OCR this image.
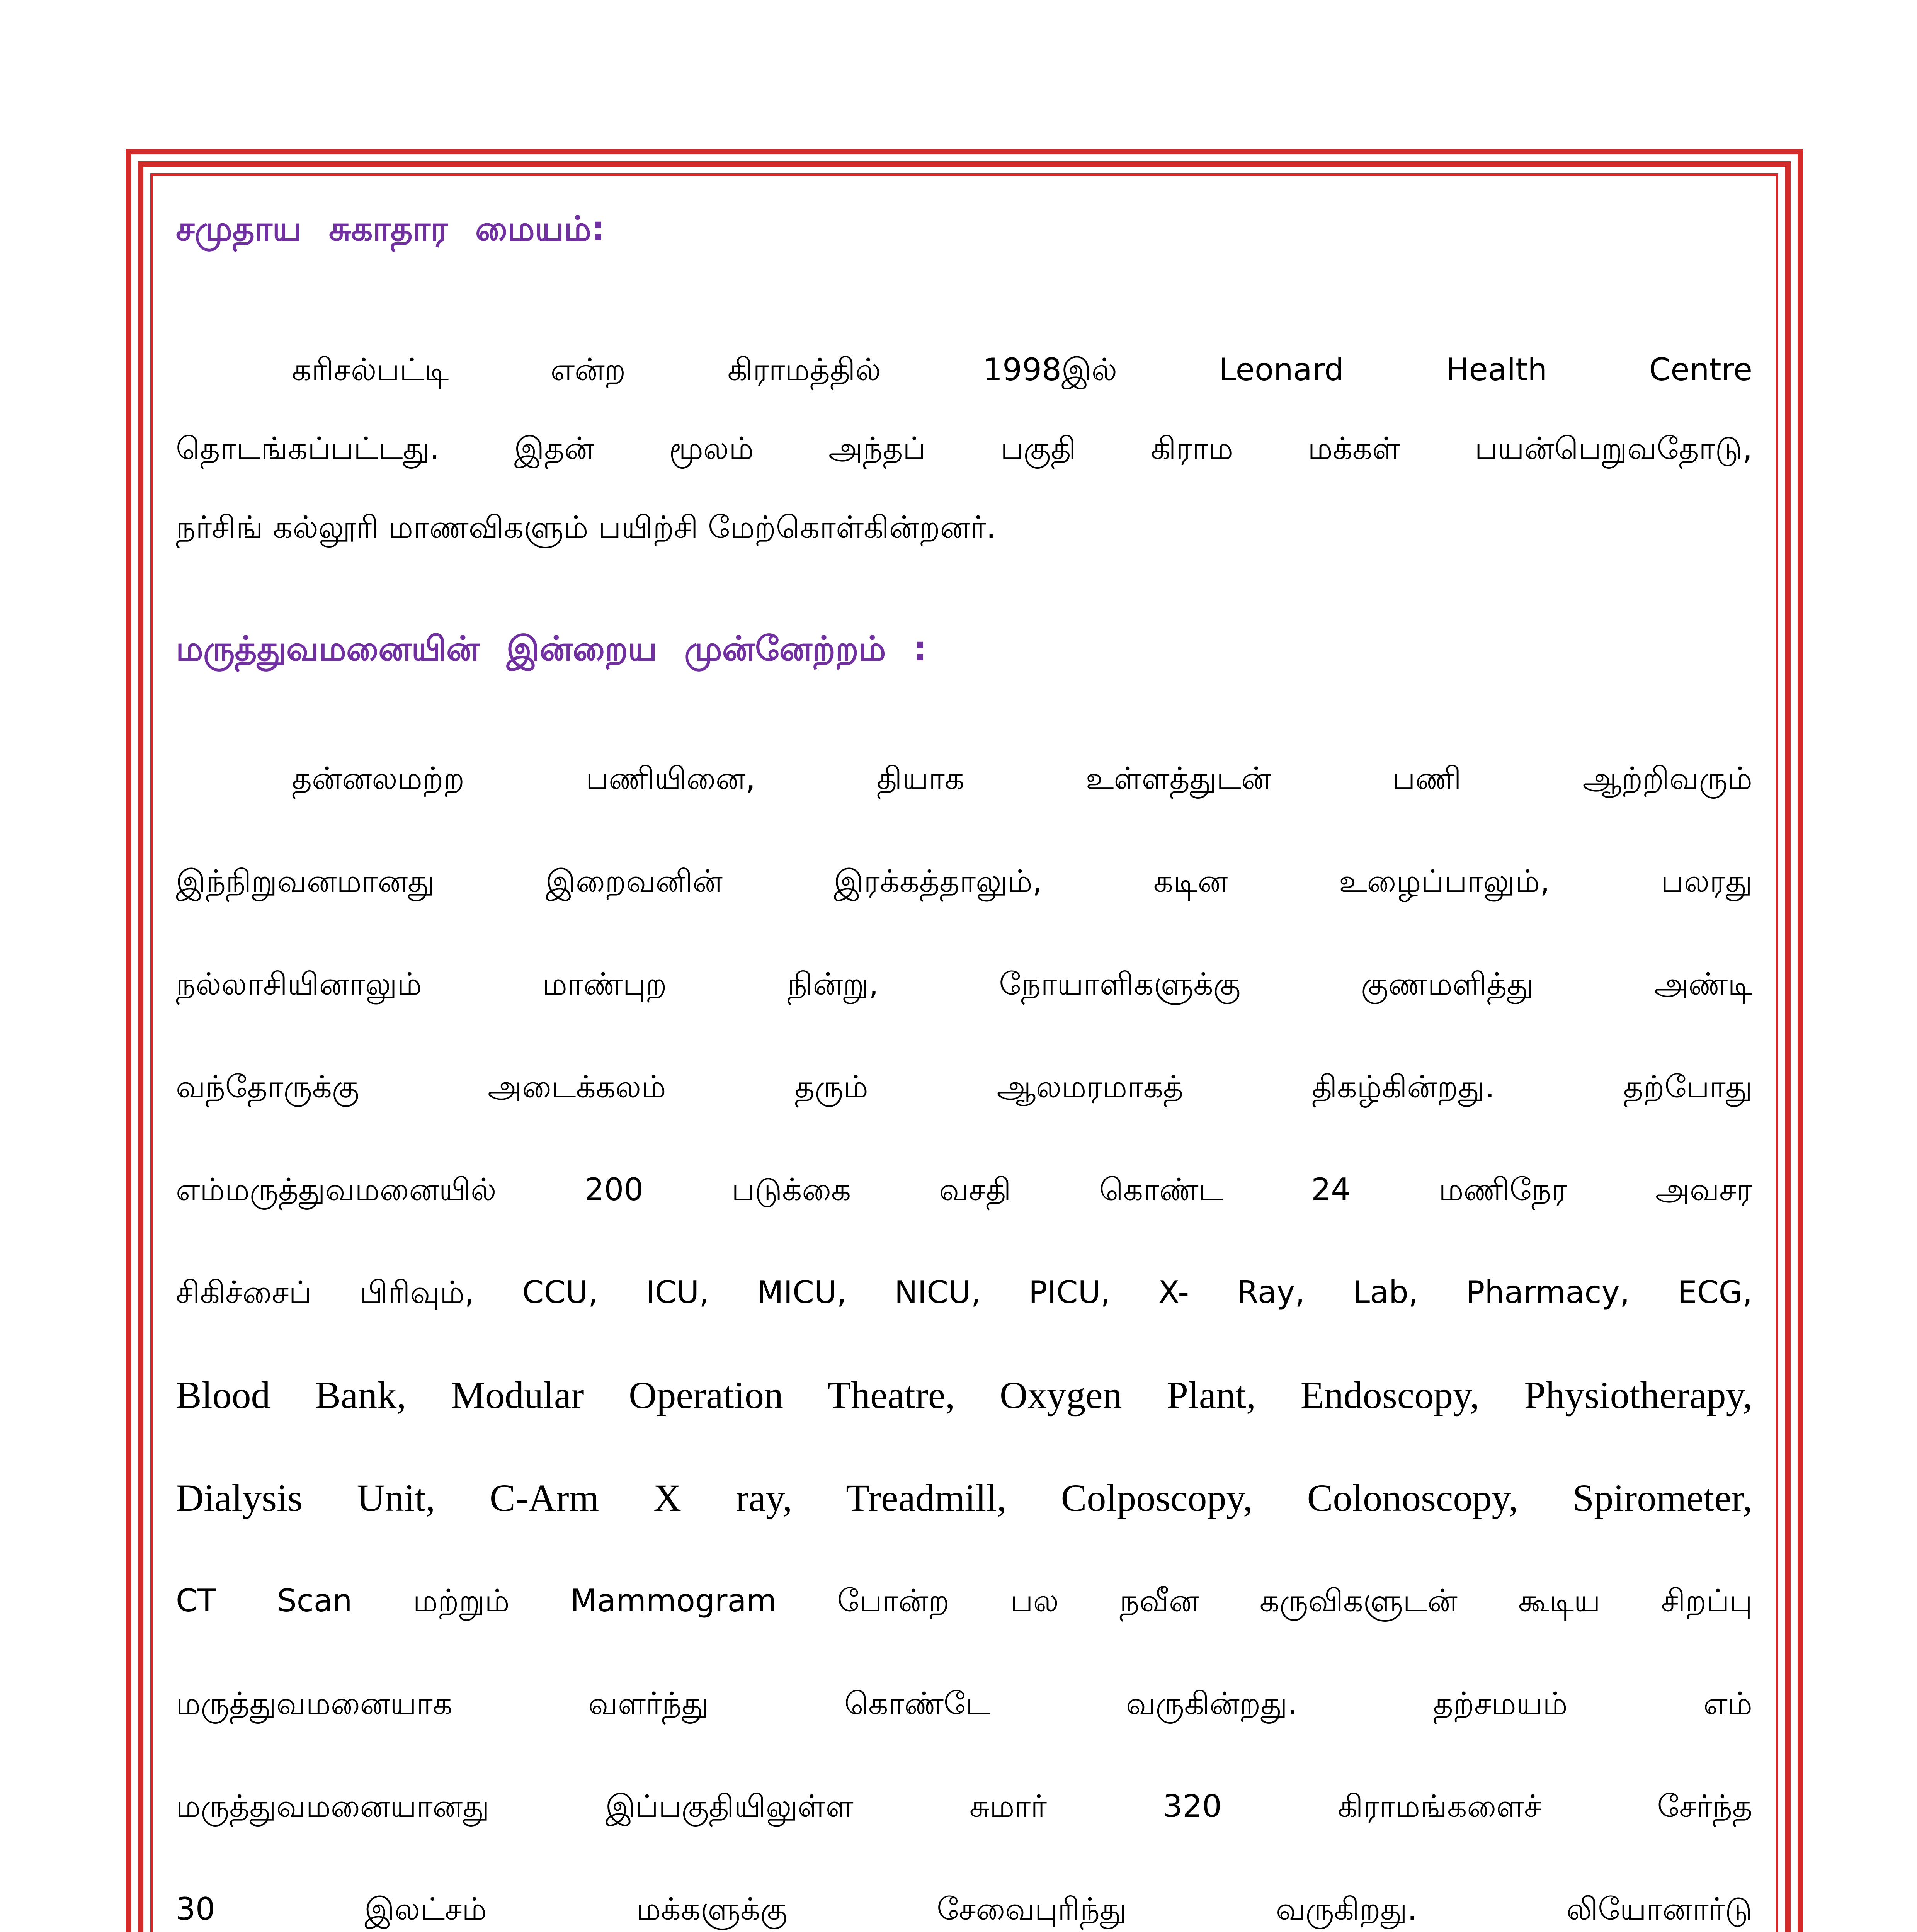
சமுதாய சுகாதார மையம்:
கரிசல்பட்டி என்ற கிராமத்தில் 1998இல் Leonard Health Centre
தொடங்கப்பட்டது. இதன் மூலம் அந்தப் பகுதி கிராம மக்கள் பயன்பெறுவதோடு,
நர்சிங் கல்லூரி மாணவிகளும் பயிற்சி மேற்கொள்கின்றனர்.
மருத்துவமனையின் இன்றைய முன்னேற்றம் :
தன்னலமற்ற பணியினை, தியாக உள்ளத்துடன் பணி ஆற்றிவரும்
இந்நிறுவனமானது இறைவனின் இரக்கத்தாலும், கடின உழைப்பாலும், பலரது
நல்லாசியினாலும் மாண்புற நின்று, நோயாளிகளுக்கு குணமளித்து அண்டி
வந்தோருக்கு அடைக்கலம் தரும் ஆலமரமாகத் திகழ்கின்றது. தற்போது
எம்மருத்துவமனையில் 200 படுக்கை வசதி கொண்ட 24 மணிநேர அவசர
சிகிச்சைப் பிரிவும், CCU, ICU, MICU, NICU, PICU, X- Ray, Lab, Pharmacy, ECG,
Blood Bank, Modular Operation Theatre, Oxygen Plant, Endoscopy, Physiotherapy,
Dialysis Unit, C-Arm X ray, Treadmill, Colposcopy, Colonoscopy, Spirometer,
CT Scan மற்றும் Mammogram போன்ற பல நவீன கருவிகளுடன் கூடிய சிறப்பு
மருத்துவமனையாக வளர்ந்து கொண்டே வருகின்றது. தற்சமயம் எம்
மருத்துவமனையானது இப்பகுதியிலுள்ள சுமார் 320 கிராமங்களைச் சேர்ந்த
30 இலட்சம் மக்களுக்கு சேவைபுரிந்து வருகிறது. லியோனார்டு
